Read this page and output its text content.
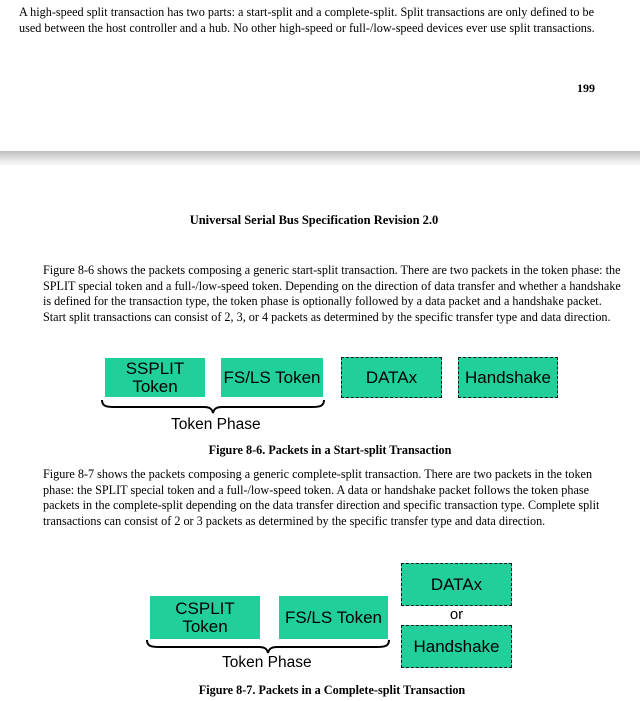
A high-speed split transaction has two parts: a start-split and a complete-split. Split transactions are only defined to be used between the host controller and a hub. No other high-speed or full-/low-speed devices ever use split transactions.

199
Universal Serial Bus Specification Revision 2.0

Figure 8-6 shows the packets composing a generic start-split transaction. There are two packets in the token phase: the SPLIT special token and a full-/low-speed token. Depending on the direction of data transfer and whether a handshake is defined for the transaction type, the token phase is optionally followed by a data packet and a handshake packet. Start split transactions can consist of 2, 3, or 4 packets as determined by the specific transfer type and data direction.

SSPLIT
Token	FS/LS Token	DATAx	Handshake
Token Phase
Figure 8-6. Packets in a Start-split Transaction

Figure 8-7 shows the packets composing a generic complete-split transaction. There are two packets in the token phase: the SPLIT special token and a full-/low-speed token. A data or handshake packet follows the token phase packets in the complete-split depending on the data transfer direction and specific transaction type. Complete split transactions can consist of 2 or 3 packets as determined by the specific transfer type and data direction.

CSPLIT
Token	FS/LS Token
DATAx
or
Handshake
Token Phase
Figure 8-7. Packets in a Complete-split Transaction
